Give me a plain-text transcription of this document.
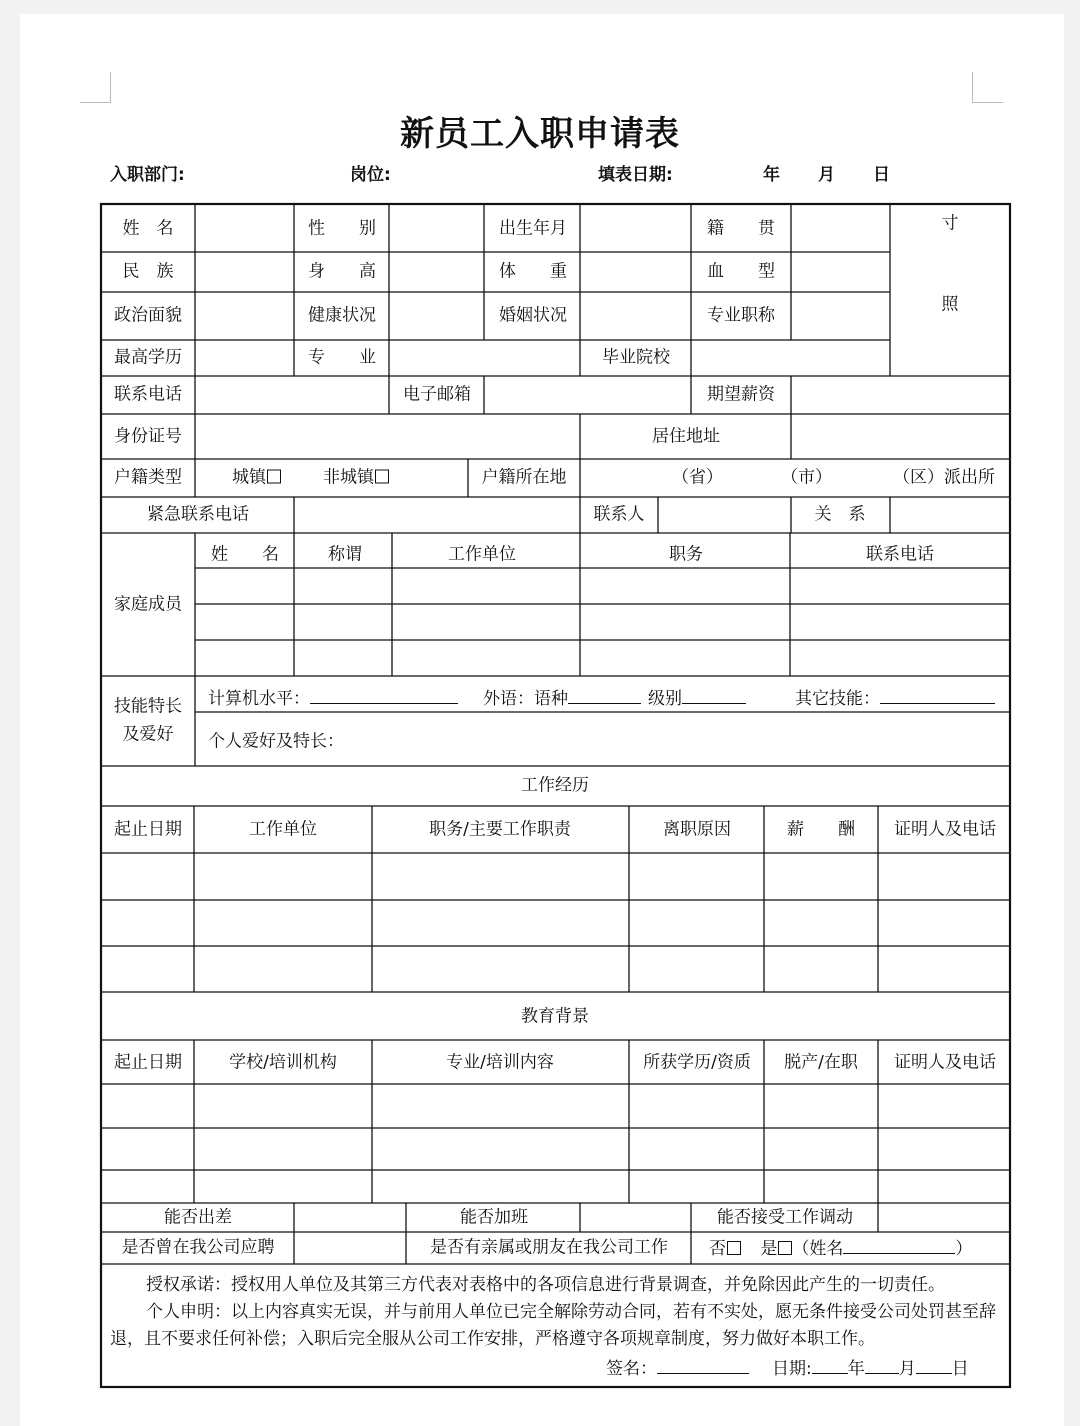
新员工入职申请表
入职部门:	岗位:	填表日期:	年 月 日
姓　名	性　　别	出生年月	籍　　贯	寸
照
民　族	身　　高	体　　重	血　　型
政治面貌	健康状况	婚姻状况	专业职称
最高学历	专　　业	毕业院校
联系电话	电子邮箱	期望薪资
身份证号	居住地址
户籍类型	城镇	非城镇	户籍所在地	（省）	（市）	（区）派出所
紧急联系电话	联系人	关　系
家庭成员
姓　　名	称谓	工作单位	职务	联系电话
技能特长
及爱好
计算机水平：	外语：语种	级别	其它技能：
个人爱好及特长：
工作经历
起止日期	工作单位	职务/主要工作职责	离职原因	薪　　酬 证明人及电话
教育背景
起止日期	学校/培训机构	专业/培训内容	所获学历/资质 脱产/在职 证明人及电话
能否出差	能否加班	能否接受工作调动
是否曾在我公司应聘	是否有亲属或朋友在我公司工作 否 是 （姓名	）
授权承诺：授权用人单位及其第三方代表对表格中的各项信息进行背景调查，并免除因此产生的一切责任。
个人申明：以上内容真实无误，并与前用人单位已完全解除劳动合同，若有不实处，愿无条件接受公司处罚甚至辞退，且不要求任何补偿；入职后完全服从公司工作安排，严格遵守各项规章制度，努力做好本职工作。
签名：	日期: 年 月 日
